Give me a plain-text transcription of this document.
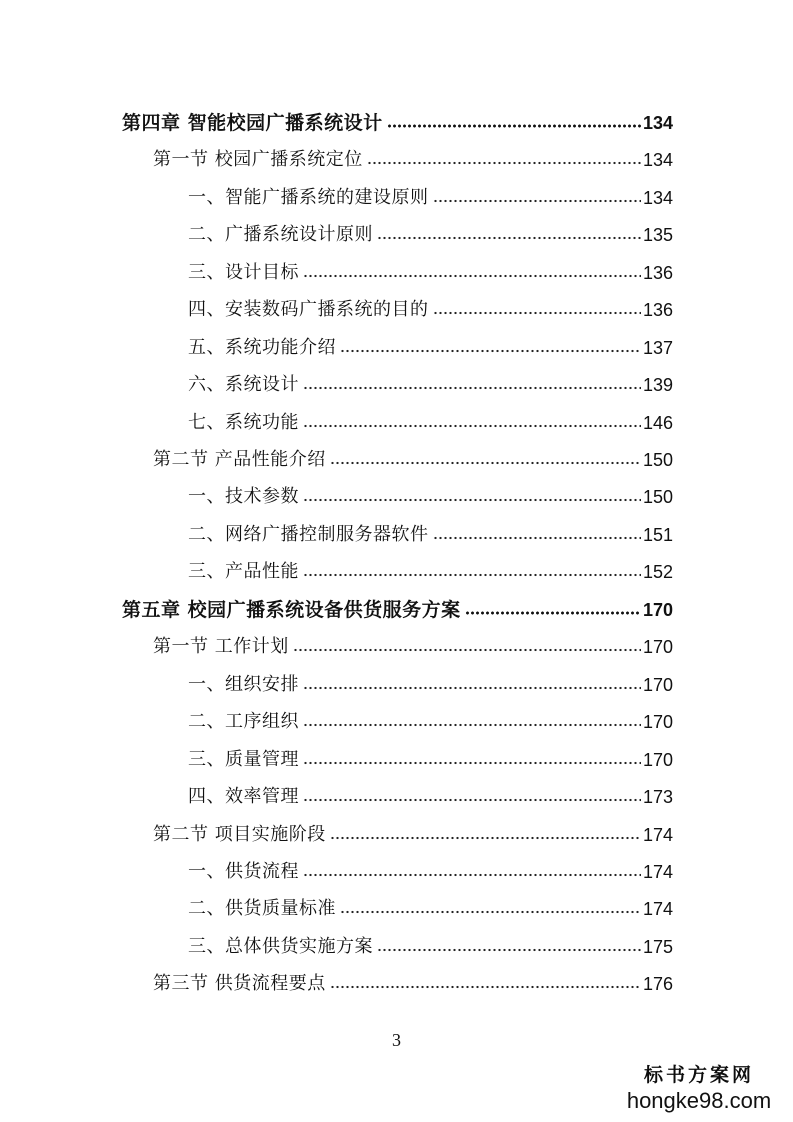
第四章 智能校园广播系统设计	134
第一节 校园广播系统定位	134
一、智能广播系统的建设原则	134
二、广播系统设计原则	135
三、设计目标	136
四、安装数码广播系统的目的	136
五、系统功能介绍	137
六、系统设计	139
七、系统功能	146
第二节 产品性能介绍	150
一、技术参数	150
二、网络广播控制服务器软件	151
三、产品性能	152
第五章 校园广播系统设备供货服务方案	170
第一节 工作计划	170
一、组织安排	170
二、工序组织	170
三、质量管理	170
四、效率管理	173
第二节 项目实施阶段	174
一、供货流程	174
二、供货质量标准	174
三、总体供货实施方案	175
第三节 供货流程要点	176
3
标书方案网
hongke98.com
